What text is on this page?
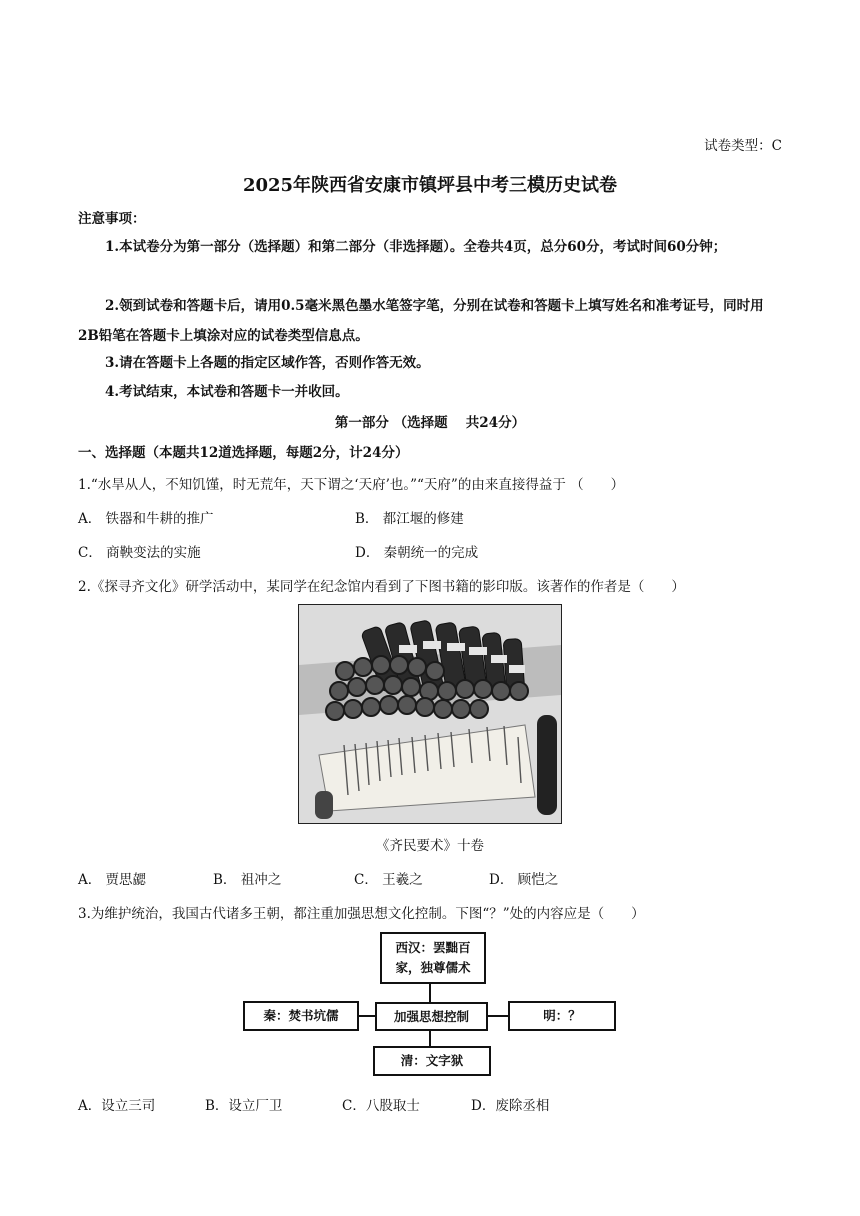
试卷类型：C
2025年陕西省安康市镇坪县中考三模历史试卷
注意事项：
1.本试卷分为第一部分（选择题）和第二部分（非选择题）。全卷共4页，总分60分，考试时间60分钟；
2.领到试卷和答题卡后，请用0.5毫米黑色墨水笔签字笔，分别在试卷和答题卡上填写姓名和准考证号，同时用2B铅笔在答题卡上填涂对应的试卷类型信息点。
3.请在答题卡上各题的指定区域作答，否则作答无效。
4.考试结束，本试卷和答题卡一并收回。
第一部分 （选择题　 共24分）
一、选择题（本题共12道选择题，每题2分，计24分）
1.“水旱从人，不知饥馑，时无荒年，天下谓之‘天府’也。”“天府”的由来直接得益于 （　　）
A． 铁器和牛耕的推广	B． 都江堰的修建
C． 商鞅变法的实施	D． 秦朝统一的完成
2.《探寻齐文化》研学活动中，某同学在纪念馆内看到了下图书籍的影印版。该著作的作者是（　　）
《齐民要术》十卷
A． 贾思勰	B． 祖冲之	C． 王羲之	D． 顾恺之
3.为维护统治，我国古代诸多王朝，都注重加强思想文化控制。下图“？”处的内容应是（　　）
西汉：罢黜百家，独尊儒术
秦：焚书坑儒	加强思想控制	明：？
清：文字狱
A．设立三司	B．设立厂卫	C．八股取士	D．废除丞相
